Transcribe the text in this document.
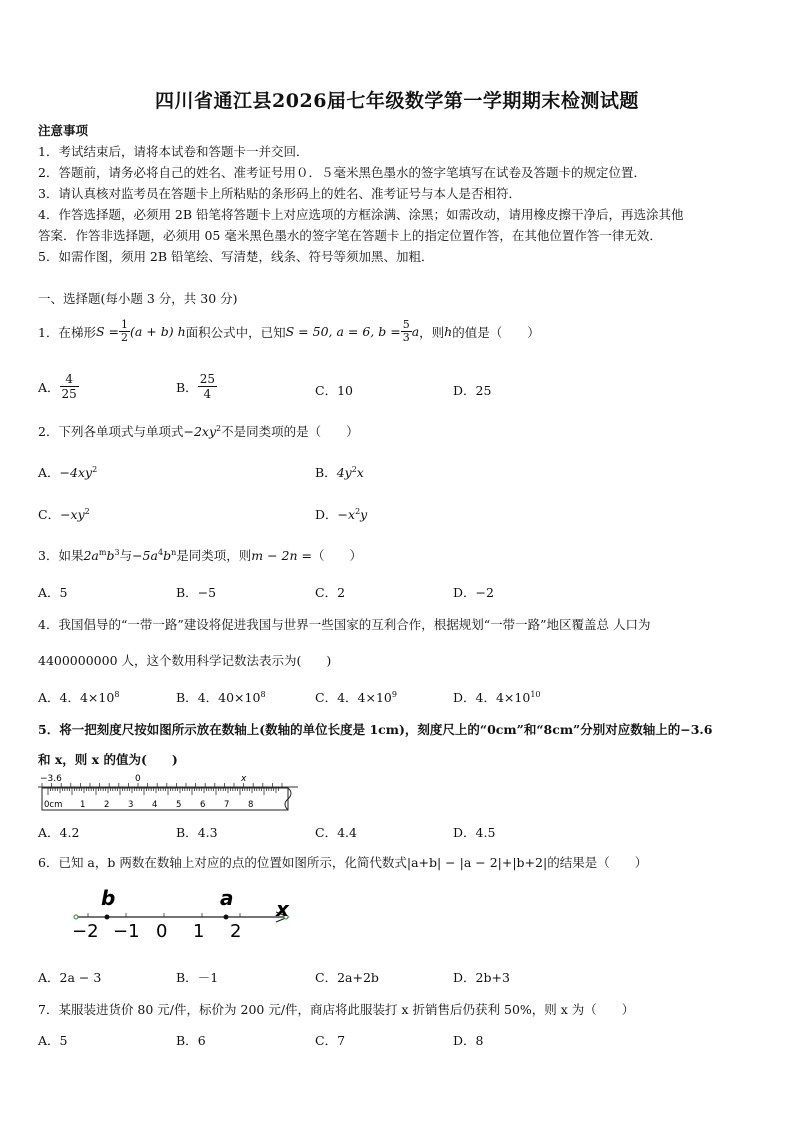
四川省通江县2026届七年级数学第一学期期末检测试题
注意事项
1．考试结束后，请将本试卷和答题卡一并交回．
2．答题前，请务必将自己的姓名、准考证号用０．５毫米黑色墨水的签字笔填写在试卷及答题卡的规定位置．
3．请认真核对监考员在答题卡上所粘贴的条形码上的姓名、准考证号与本人是否相符．
4．作答选择题，必须用 2B 铅笔将答题卡上对应选项的方框涂满、涂黑；如需改动，请用橡皮擦干净后，再选涂其他
答案．作答非选择题，必须用 05 毫米黑色墨水的签字笔在答题卡上的指定位置作答，在其他位置作答一律无效．
5．如需作图，须用 2B 铅笔绘、写清楚，线条、符号等须加黑、加粗．
一、选择题(每小题 3 分，共 30 分)
1．在梯形 $S = \frac{1}{2} (a + b)$ h 面积公式中，已知 S = 50, a = 6, $b = \frac{5}{3}$ a ，则 h 的值是（　　）
A． $\frac{4}{25}$	B． $\frac{25}{4}$	C．10	D．25
2．下列各单项式与单项式$-2xy^2$不是同类项的是（　　）
A．$-4xy^2$	B．$4y^2x$
C．$-xy^2$	D．$-x^2y$
3．如果$2a^mb^3$与$-5a^4b^n$是同类项，则m − 2n =（　　）
A．5	B．−5	C．2	D．−2
4．我国倡导的“一带一路”建设将促进我国与世界一些国家的互利合作，根据规划“一带一路”地区覆盖总 人口为
4400000000 人，这个数用科学记数法表示为(　　)
A．4．$4\times 10^8$	B．4．$40\times 10^8$	C．4．$4\times 10^9$	D．4．$4\times 10^{10}$
5．将一把刻度尺按如图所示放在数轴上(数轴的单位长度是 1cm)，刻度尺上的“0cm”和“8cm”分别对应数轴上的−3.6
和 x，则 x 的值为(　　)
−3.6	0	x
0cm 1 2 3 4 5 6 7 8
A．4.2	B．4.3	C．4.4	D．4.5
6．已知 a，b 两数在数轴上对应的点的位置如图所示，化简代数式|a+b| − |a − 2|+|b+2|的结果是（　　）
b	a x
−2 −1 0 1 2
A．2a − 3	B．－1	C．2a+2b	D．2b+3
7．某服装进货价 80 元/件，标价为 200 元/件，商店将此服装打 x 折销售后仍获利 50%，则 x 为（　　）
A．5	B．6	C．7	D．8
